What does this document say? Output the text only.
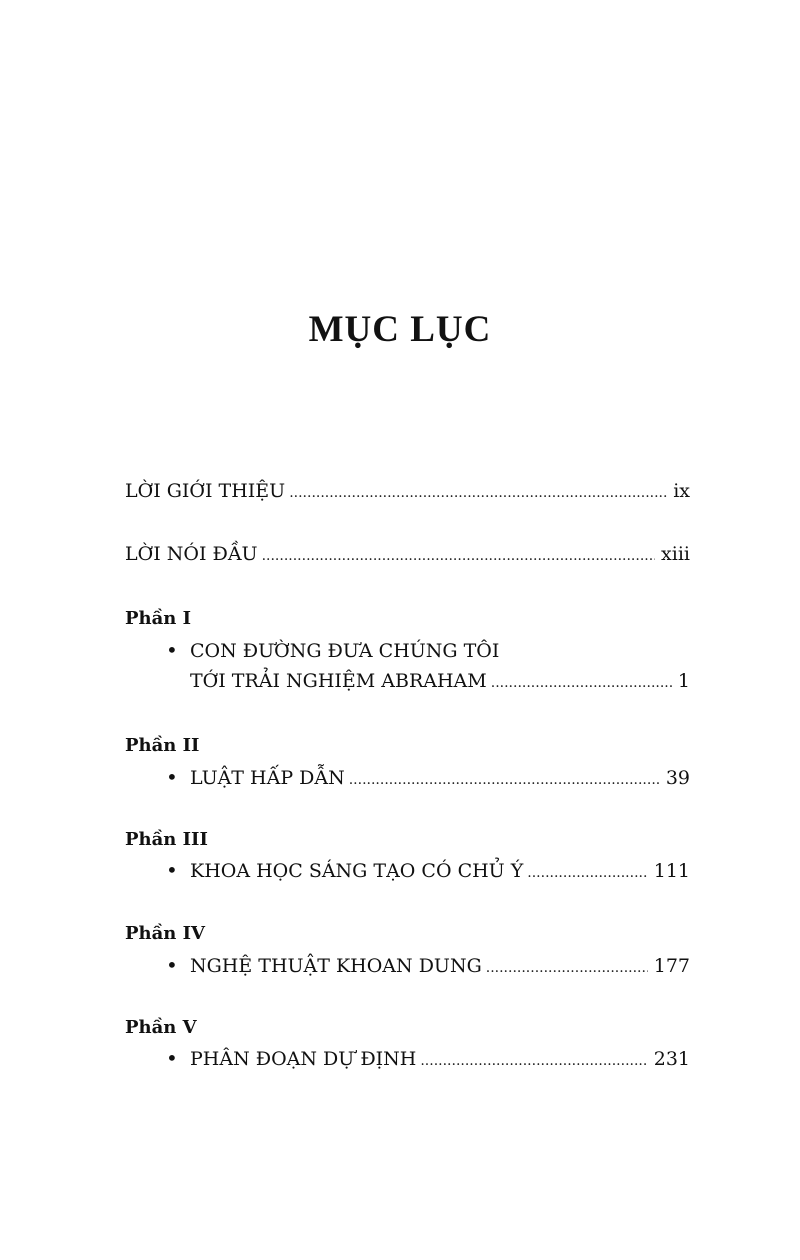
MỤC LỤC
LỜI GIỚI THIỆU .....	ix
LỜI NÓI ĐẦU .....	xiii
Phần I
• CON ĐƯỜNG ĐƯA CHÚNG TÔI
TỚI TRẢI NGHIỆM ABRAHAM .....	1
Phần II
• LUẬT HẤP DẪN .....	39
Phần III
• KHOA HỌC SÁNG TẠO CÓ CHỦ Ý .....	111
Phần IV
• NGHỆ THUẬT KHOAN DUNG .....	177
Phần V
• PHÂN ĐOẠN DỰ ĐỊNH .....	231
